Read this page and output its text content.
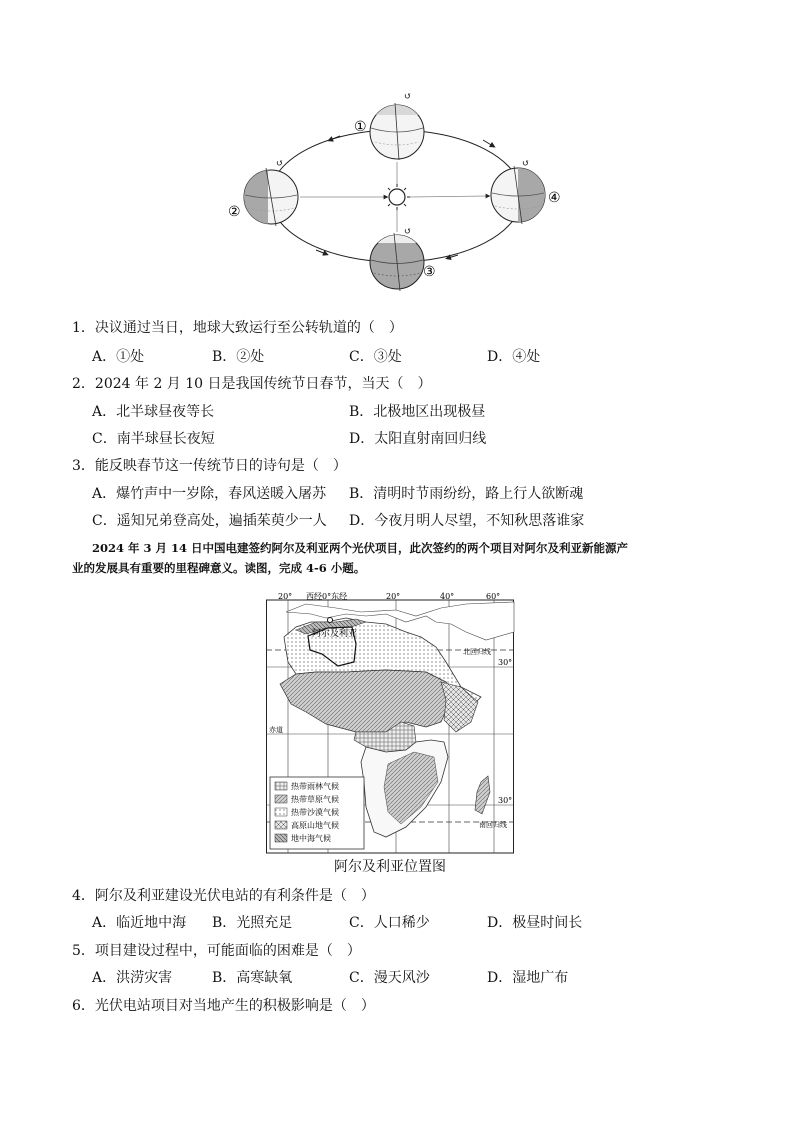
↺
↺
↺
↺
①
②
③
④
1．决议通过当日，地球大致运行至公转轨道的（　）
A．①处	B．②处	C．③处	D．④处
2．2024 年 2 月 10 日是我国传统节日春节，当天（　）
A．北半球昼夜等长	B．北极地区出现极昼
C．南半球昼长夜短	D．太阳直射南回归线
3．能反映春节这一传统节日的诗句是（　）
A．爆竹声中一岁除，春风送暖入屠苏 B．清明时节雨纷纷，路上行人欲断魂
C．遥知兄弟登高处，遍插茱萸少一人 D．今夜月明人尽望，不知秋思落谁家
2024 年 3 月 14 日中国电建签约阿尔及利亚两个光伏项目，此次签约的两个项目对阿尔及利亚新能源产
业的发展具有重要的里程碑意义。读图，完成 4-6 小题。
20° 西经0°东经	20°	40°	60°
阿尔及利亚
北回归线
赤道
南回归线
30°
30°
热带雨林气候
热带草原气候
热带沙漠气候
高原山地气候
地中海气候
阿尔及利亚位置图
4．阿尔及利亚建设光伏电站的有利条件是（　）
A．临近地中海 B．光照充足	C．人口稀少	D．极昼时间长
5．项目建设过程中，可能面临的困难是（　）
A．洪涝灾害	B．高寒缺氧	C．漫天风沙	D．湿地广布
6．光伏电站项目对当地产生的积极影响是（　）
